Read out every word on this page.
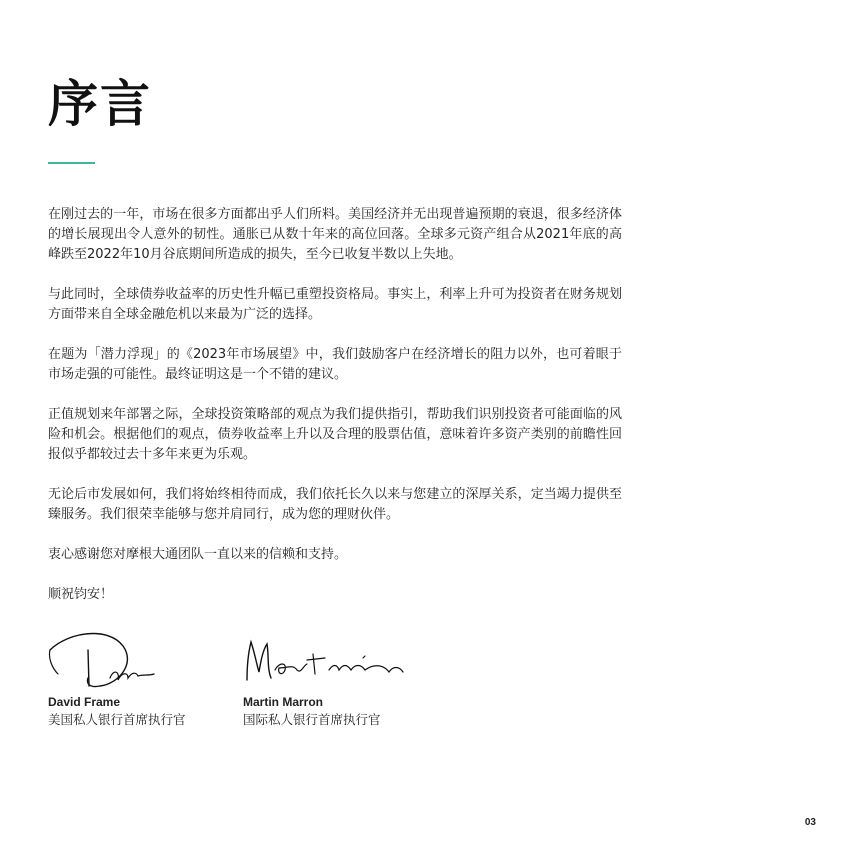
序言

在刚过去的一年，市场在很多方面都出乎人们所料。美国经济并无出现普遍预期的衰退，很多经济体的增长展现出令人意外的韧性。通胀已从数十年来的高位回落。全球多元资产组合从2021年底的高峰跌至2022年10月谷底期间所造成的损失，至今已收复半数以上失地。

与此同时，全球债券收益率的历史性升幅已重塑投资格局。事实上，利率上升可为投资者在财务规划方面带来自全球金融危机以来最为广泛的选择。

在题为「潜力浮现」的《2023年市场展望》中，我们鼓励客户在经济增长的阻力以外，也可着眼于市场走强的可能性。最终证明这是一个不错的建议。

正值规划来年部署之际，全球投资策略部的观点为我们提供指引，帮助我们识别投资者可能面临的风险和机会。根据他们的观点，债券收益率上升以及合理的股票估值，意味着许多资产类别的前瞻性回报似乎都较过去十多年来更为乐观。

无论后市发展如何，我们将始终相待而成，我们依托长久以来与您建立的深厚关系，定当竭力提供至臻服务。我们很荣幸能够与您并肩同行，成为您的理财伙伴。

衷心感谢您对摩根大通团队一直以来的信赖和支持。

顺祝钧安！

David Frame
美国私人银行首席执行官
Martin Marron
国际私人银行首席执行官
03
